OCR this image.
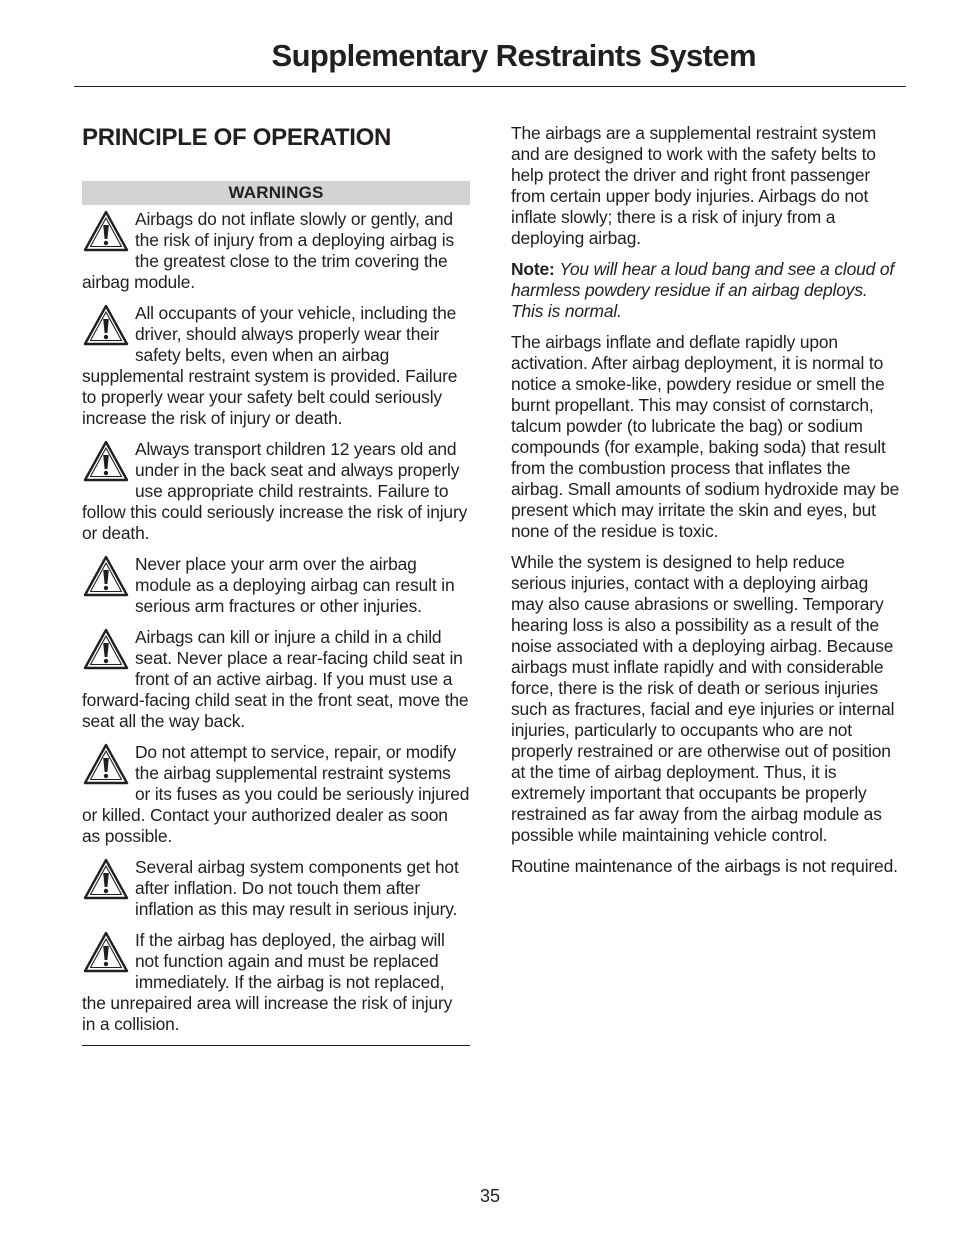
Supplementary Restraints System
PRINCIPLE OF OPERATION
WARNINGS
Airbags do not inflate slowly or gently, and the risk of injury from a deploying airbag is the greatest close to the trim covering the airbag module.
All occupants of your vehicle, including the driver, should always properly wear their safety belts, even when an airbag supplemental restraint system is provided. Failure to properly wear your safety belt could seriously increase the risk of injury or death.
Always transport children 12 years old and under in the back seat and always properly use appropriate child restraints. Failure to follow this could seriously increase the risk of injury or death.
Never place your arm over the airbag module as a deploying airbag can result in serious arm fractures or other injuries.
Airbags can kill or injure a child in a child seat. Never place a rear-facing child seat in front of an active airbag. If you must use a forward-facing child seat in the front seat, move the seat all the way back.
Do not attempt to service, repair, or modify the airbag supplemental restraint systems or its fuses as you could be seriously injured or killed. Contact your authorized dealer as soon as possible.
Several airbag system components get hot after inflation. Do not touch them after inflation as this may result in serious injury.
If the airbag has deployed, the airbag will not function again and must be replaced immediately. If the airbag is not replaced, the unrepaired area will increase the risk of injury in a collision.

The airbags are a supplemental restraint system and are designed to work with the safety belts to help protect the driver and right front passenger from certain upper body injuries. Airbags do not inflate slowly; there is a risk of injury from a deploying airbag.

Note: You will hear a loud bang and see a cloud of harmless powdery residue if an airbag deploys. This is normal.

The airbags inflate and deflate rapidly upon activation. After airbag deployment, it is normal to notice a smoke-like, powdery residue or smell the burnt propellant. This may consist of cornstarch, talcum powder (to lubricate the bag) or sodium compounds (for example, baking soda) that result from the combustion process that inflates the airbag. Small amounts of sodium hydroxide may be present which may irritate the skin and eyes, but none of the residue is toxic.

While the system is designed to help reduce serious injuries, contact with a deploying airbag may also cause abrasions or swelling. Temporary hearing loss is also a possibility as a result of the noise associated with a deploying airbag. Because airbags must inflate rapidly and with considerable force, there is the risk of death or serious injuries such as fractures, facial and eye injuries or internal injuries, particularly to occupants who are not properly restrained or are otherwise out of position at the time of airbag deployment. Thus, it is extremely important that occupants be properly restrained as far away from the airbag module as possible while maintaining vehicle control.

Routine maintenance of the airbags is not required.

35
